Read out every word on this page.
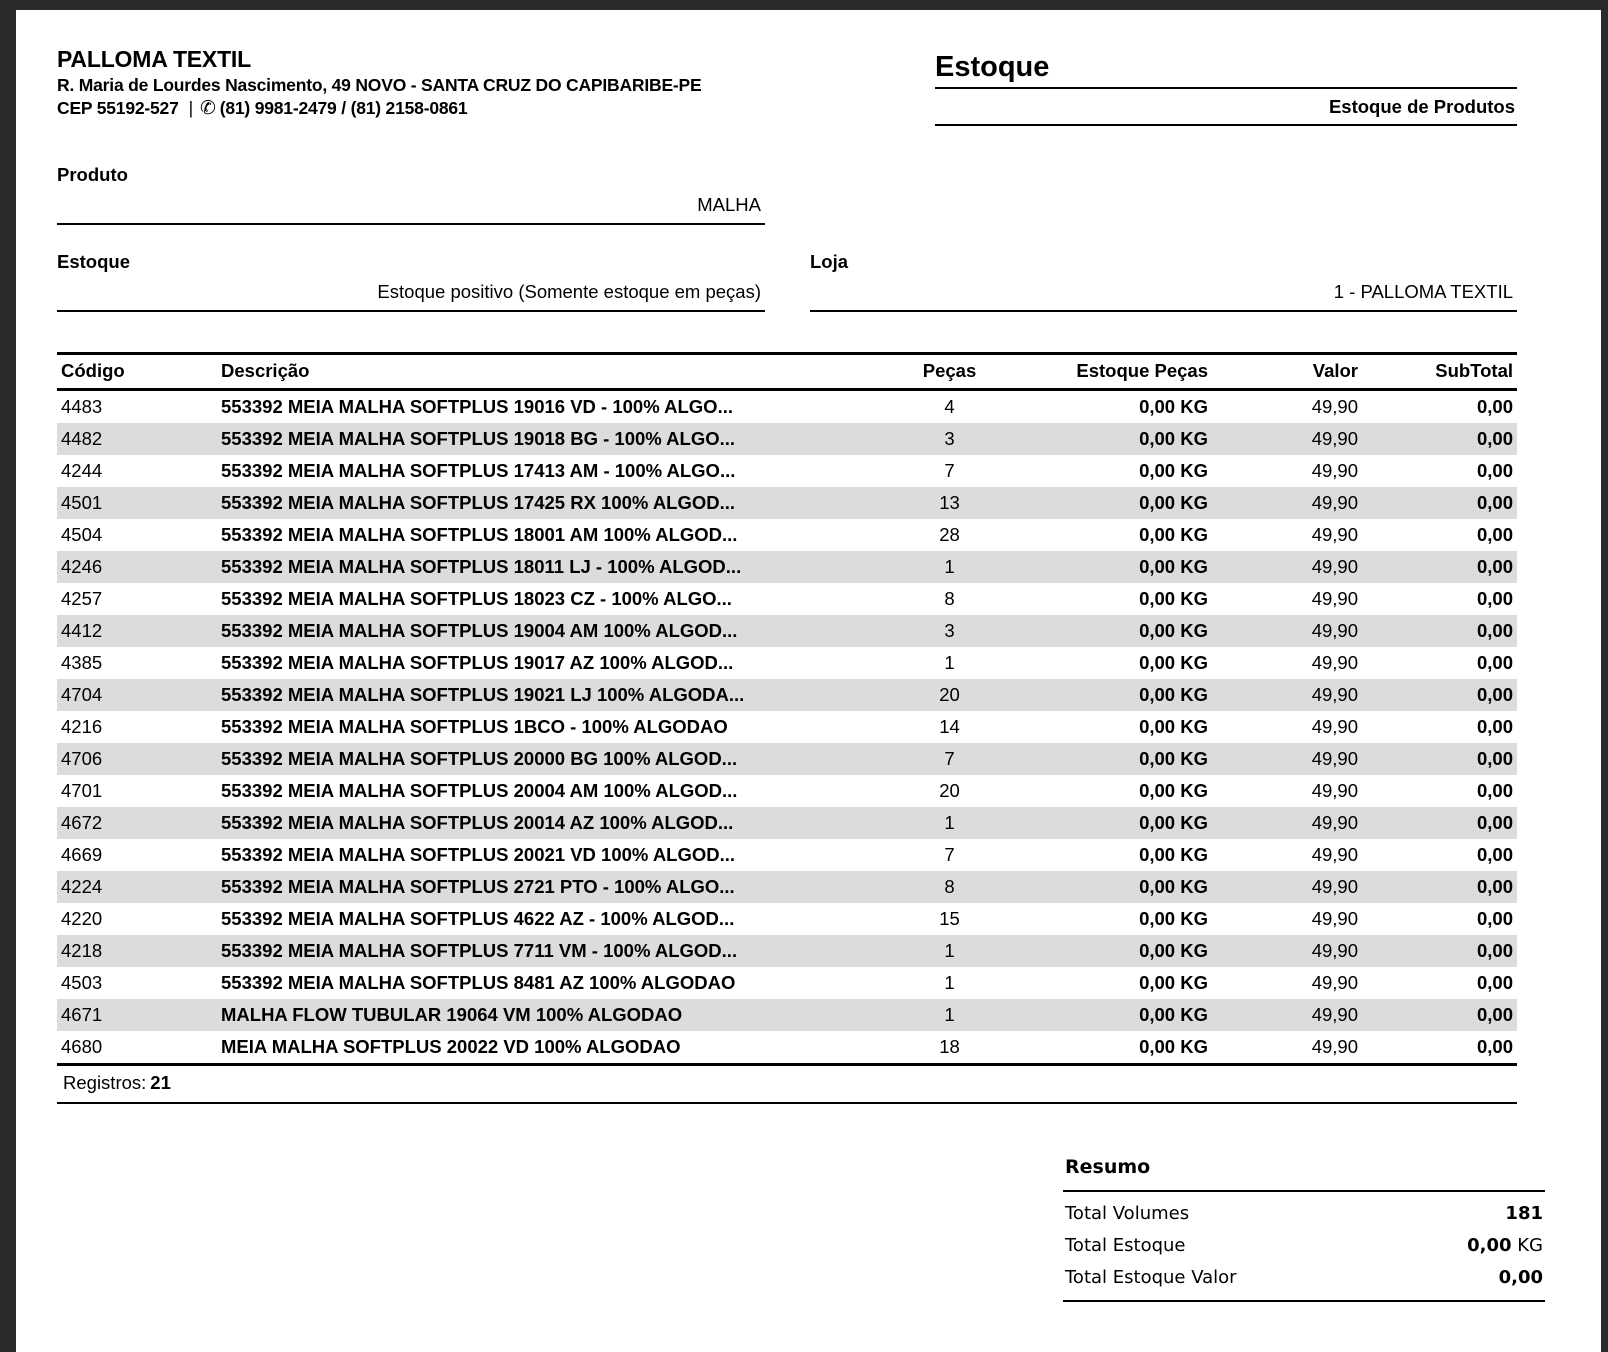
PALLOMA TEXTIL
R. Maria de Lourdes Nascimento, 49 NOVO - SANTA CRUZ DO CAPIBARIBE-PE
CEP 55192-527 | ✆ (81) 9981-2479 / (81) 2158-0861
Estoque
Estoque de Produtos
Produto
MALHA
Estoque
Estoque positivo (Somente estoque em peças)
Loja
1 - PALLOMA TEXTIL
Código	Descrição	Peças	Estoque Peças	Valor	SubTotal
4483	553392 MEIA MALHA SOFTPLUS 19016 VD - 100% ALGO...	4	0,00 KG	49,90	0,00
4482	553392 MEIA MALHA SOFTPLUS 19018 BG - 100% ALGO...	3	0,00 KG	49,90	0,00
4244	553392 MEIA MALHA SOFTPLUS 17413 AM - 100% ALGO...	7	0,00 KG	49,90	0,00
4501	553392 MEIA MALHA SOFTPLUS 17425 RX 100% ALGOD...	13	0,00 KG	49,90	0,00
4504	553392 MEIA MALHA SOFTPLUS 18001 AM 100% ALGOD...	28	0,00 KG	49,90	0,00
4246	553392 MEIA MALHA SOFTPLUS 18011 LJ - 100% ALGOD...	1	0,00 KG	49,90	0,00
4257	553392 MEIA MALHA SOFTPLUS 18023 CZ - 100% ALGO...	8	0,00 KG	49,90	0,00
4412	553392 MEIA MALHA SOFTPLUS 19004 AM 100% ALGOD...	3	0,00 KG	49,90	0,00
4385	553392 MEIA MALHA SOFTPLUS 19017 AZ 100% ALGOD...	1	0,00 KG	49,90	0,00
4704	553392 MEIA MALHA SOFTPLUS 19021 LJ 100% ALGODA...	20	0,00 KG	49,90	0,00
4216	553392 MEIA MALHA SOFTPLUS 1BCO - 100% ALGODAO	14	0,00 KG	49,90	0,00
4706	553392 MEIA MALHA SOFTPLUS 20000 BG 100% ALGOD...	7	0,00 KG	49,90	0,00
4701	553392 MEIA MALHA SOFTPLUS 20004 AM 100% ALGOD...	20	0,00 KG	49,90	0,00
4672	553392 MEIA MALHA SOFTPLUS 20014 AZ 100% ALGOD...	1	0,00 KG	49,90	0,00
4669	553392 MEIA MALHA SOFTPLUS 20021 VD 100% ALGOD...	7	0,00 KG	49,90	0,00
4224	553392 MEIA MALHA SOFTPLUS 2721 PTO - 100% ALGO...	8	0,00 KG	49,90	0,00
4220	553392 MEIA MALHA SOFTPLUS 4622 AZ - 100% ALGOD...	15	0,00 KG	49,90	0,00
4218	553392 MEIA MALHA SOFTPLUS 7711 VM - 100% ALGOD...	1	0,00 KG	49,90	0,00
4503	553392 MEIA MALHA SOFTPLUS 8481 AZ 100% ALGODAO	1	0,00 KG	49,90	0,00
4671	MALHA FLOW TUBULAR 19064 VM 100% ALGODAO	1	0,00 KG	49,90	0,00
4680	MEIA MALHA SOFTPLUS 20022 VD 100% ALGODAO	18	0,00 KG	49,90	0,00
Registros: 21
Resumo
Total Volumes	181
Total Estoque	0,00 KG
Total Estoque Valor	0,00
